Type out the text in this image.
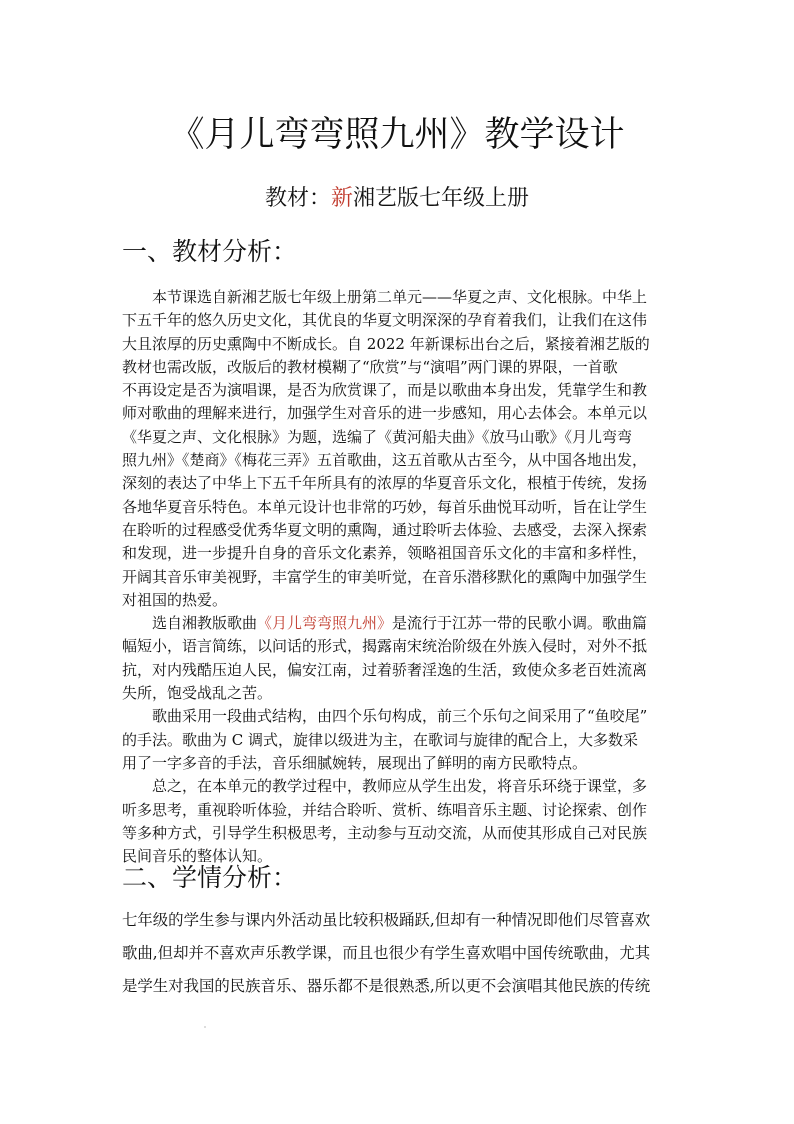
《月儿弯弯照九州》教学设计
教材：新湘艺版七年级上册
一、教材分析：
　　本节课选自新湘艺版七年级上册第二单元——华夏之声、文化根脉。中华上
下五千年的悠久历史文化，其优良的华夏文明深深的孕育着我们，让我们在这伟
大且浓厚的历史熏陶中不断成长。自 2022 年新课标出台之后，紧接着湘艺版的
教材也需改版，改版后的教材模糊了“欣赏”与“演唱”两门课的界限，一首歌
不再设定是否为演唱课，是否为欣赏课了，而是以歌曲本身出发，凭靠学生和教
师对歌曲的理解来进行，加强学生对音乐的进一步感知，用心去体会。本单元以
《华夏之声、文化根脉》为题，选编了《黄河船夫曲》《放马山歌》《月儿弯弯
照九州》《楚商》《梅花三弄》五首歌曲，这五首歌从古至今，从中国各地出发，
深刻的表达了中华上下五千年所具有的浓厚的华夏音乐文化，根植于传统，发扬
各地华夏音乐特色。本单元设计也非常的巧妙，每首乐曲悦耳动听，旨在让学生
在聆听的过程感受优秀华夏文明的熏陶，通过聆听去体验、去感受，去深入探索
和发现，进一步提升自身的音乐文化素养，领略祖国音乐文化的丰富和多样性，
开阔其音乐审美视野，丰富学生的审美听觉，在音乐潜移默化的熏陶中加强学生
对祖国的热爱。
　　选自湘教版歌曲《月儿弯弯照九州》是流行于江苏一带的民歌小调。歌曲篇
幅短小，语言简练，以问话的形式，揭露南宋统治阶级在外族入侵时，对外不抵
抗，对内残酷压迫人民，偏安江南，过着骄奢淫逸的生活，致使众多老百姓流离
失所，饱受战乱之苦。
　　歌曲采用一段曲式结构，由四个乐句构成，前三个乐句之间采用了“鱼咬尾”
的手法。歌曲为 C 调式，旋律以级进为主，在歌词与旋律的配合上，大多数采
用了一字多音的手法，音乐细腻婉转，展现出了鲜明的南方民歌特点。
　　总之，在本单元的教学过程中，教师应从学生出发，将音乐环绕于课堂，多
听多思考，重视聆听体验，并结合聆听、赏析、练唱音乐主题、讨论探索、创作
等多种方式，引导学生积极思考，主动参与互动交流，从而使其形成自己对民族
民间音乐的整体认知。
二、学情分析：
七年级的学生参与课内外活动虽比较积极踊跃,但却有一种情况即他们尽管喜欢
歌曲,但却并不喜欢声乐教学课，而且也很少有学生喜欢唱中国传统歌曲，尤其
是学生对我国的民族音乐、器乐都不是很熟悉,所以更不会演唱其他民族的传统
